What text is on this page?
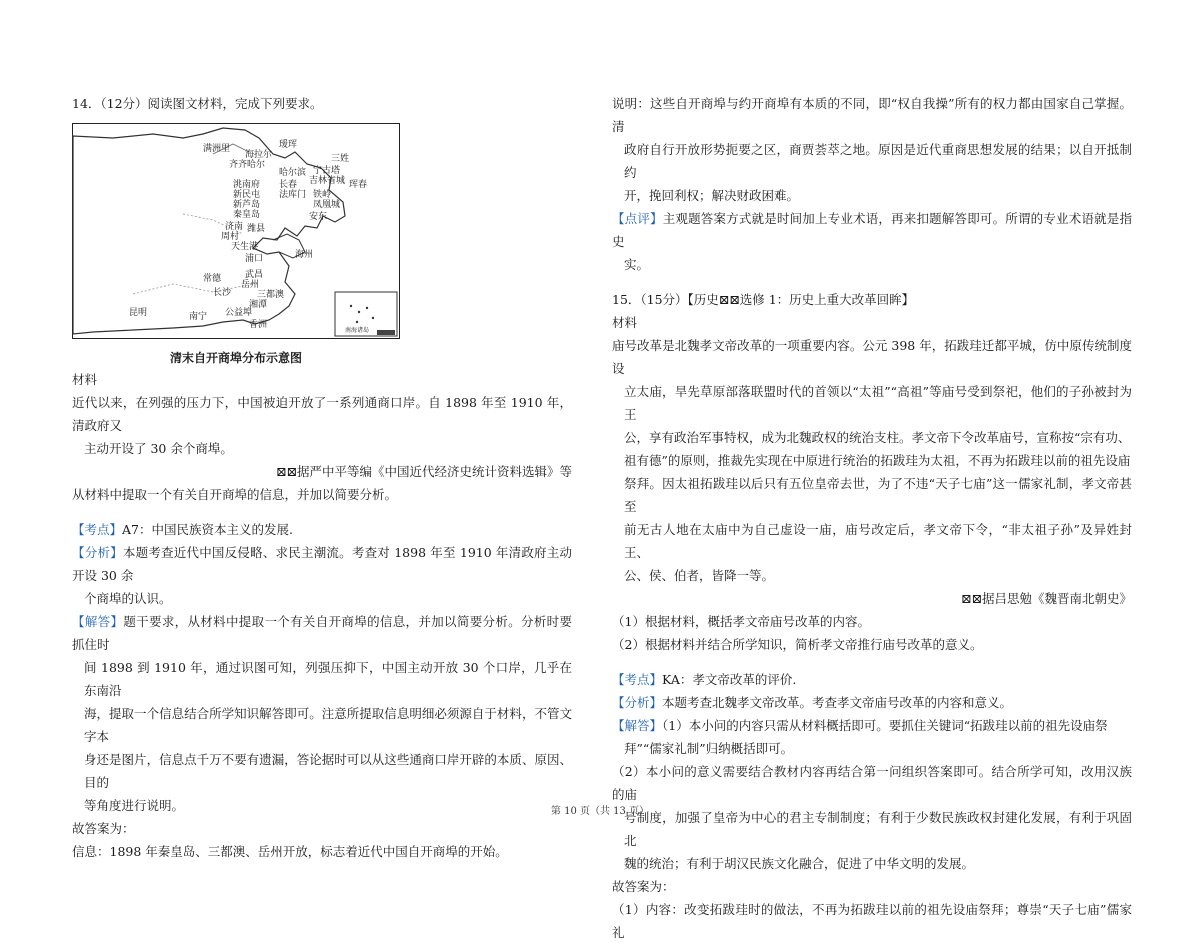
14．（12分）阅读图文材料，完成下列要求。
满洲里	瑷珲
海拉尔
齐齐哈尔
三姓
哈尔滨 宁古塔
长春 吉林省城 珲春
洮南府
新民屯	铁岭
新芦岛	凤凰城
秦皇岛
法库门
安东
潍县
周村
济南
天生港
浦口	海州
常德	武昌
岳州
长沙	三都澳
湘潭
昆明	南宁 公益埠
香洲
南海诸岛
清末自开商埠分布示意图
材料
近代以来，在列强的压力下，中国被迫开放了一系列通商口岸。自 1898 年至 1910 年，清政府又
主动开设了 30 余个商埠。
⊠⊠据严中平等编《中国近代经济史统计资料选辑》等
从材料中提取一个有关自开商埠的信息，并加以简要分析。
【考点】A7：中国民族资本主义的发展.
【分析】本题考查近代中国反侵略、求民主潮流。考查对 1898 年至 1910 年清政府主动开设 30 余
个商埠的认识。
【解答】题干要求，从材料中提取一个有关自开商埠的信息，并加以简要分析。分析时要抓住时
间 1898 到 1910 年，通过识图可知，列强压抑下，中国主动开放 30 个口岸，几乎在东南沿
海，提取一个信息结合所学知识解答即可。注意所提取信息明细必须源自于材料，不管文字本
身还是图片，信息点千万不要有遗漏，答论据时可以从这些通商口岸开辟的本质、原因、目的
等角度进行说明。
故答案为：
信息：1898 年秦皇岛、三都澳、岳州开放，标志着近代中国自开商埠的开始。
说明：这些自开商埠与约开商埠有本质的不同，即“权自我操”所有的权力都由国家自己掌握。清
政府自行开放形势扼要之区，商贾荟萃之地。原因是近代重商思想发展的结果；以自开抵制约
开，挽回利权；解决财政困难。
【点评】主观题答案方式就是时间加上专业术语，再来扣题解答即可。所谓的专业术语就是指史
实。
15．（15分）【历史⊠⊠选修 1：历史上重大改革回眸】
材料
庙号改革是北魏孝文帝改革的一项重要内容。公元 398 年，拓跋珪迁都平城，仿中原传统制度设
立太庙，旱先草原部落联盟时代的首领以“太祖”“高祖”等庙号受到祭祀，他们的子孙被封为王
公，享有政治军事特权，成为北魏政权的统治支柱。孝文帝下令改革庙号，宣称按“宗有功、
祖有德”的原则，推裁先实现在中原进行统治的拓跋珪为太祖，不再为拓跋珪以前的祖先设庙
祭拜。因太祖拓跋珪以后只有五位皇帝去世，为了不违“天子七庙”这一儒家礼制，孝文帝甚至
前无古人地在太庙中为自己虚设一庙，庙号改定后，孝文帝下令，“非太祖子孙”及异姓封王、
公、侯、伯者，皆降一等。
⊠⊠据吕思勉《魏晋南北朝史》
（1）根据材料，概括孝文帝庙号改革的内容。
（2）根据材料并结合所学知识，简析孝文帝推行庙号改革的意义。
【考点】KA：孝文帝改革的评价.
【分析】本题考查北魏孝文帝改革。考查孝文帝庙号改革的内容和意义。
【解答】（1）本小问的内容只需从材料概括即可。要抓住关键词“拓跋珪以前的祖先设庙祭
拜”“儒家礼制”归纳概括即可。
（2）本小问的意义需要结合教材内容再结合第一问组织答案即可。结合所学可知，改用汉族的庙
号制度，加强了皇帝为中心的君主专制制度；有利于少数民族政权封建化发展，有利于巩固北
魏的统治；有利于胡汉民族文化融合，促进了中华文明的发展。
故答案为：
（1）内容：改变拓跋珪时的做法，不再为拓跋珪以前的祖先设庙祭拜；尊崇“天子七庙”儒家礼
第 10 页（共 13 页）
